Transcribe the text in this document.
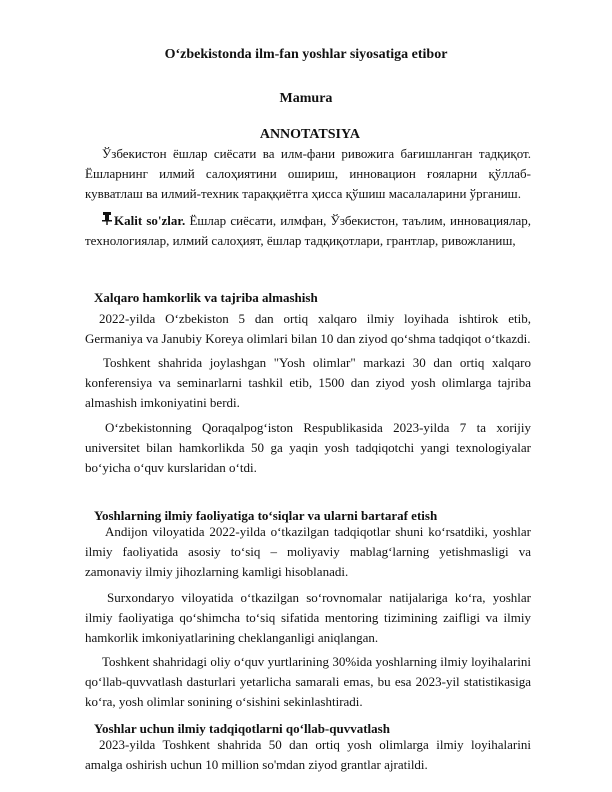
O‘zbekistonda ilm-fan yoshlar siyosatiga etibor
Mamura
ANNOTATSIYA
Ўзбекистон ёшлар сиёсати ва илм-фани ривожига бағишланган тадқиқот. Ёшларнинг илмий салоҳиятини ошириш, инновацион ғояларни қўллаб-кувватлаш ва илмий-техник тараққиётга ҳисса қўшиш масалаларини ўрганиш.
Kalit so'zlar. Ёшлар сиёсати, илмфан, Ўзбекистон, таълим, инновациялар, технологиялар, илмий салоҳият, ёшлар тадқиқотлари, грантлар, ривожланиш,
Xalqaro hamkorlik va tajriba almashish
2022-yilda O‘zbekiston 5 dan ortiq xalqaro ilmiy loyihada ishtirok etib, Germaniya va Janubiy Koreya olimlari bilan 10 dan ziyod qo‘shma tadqiqot o‘tkazdi.
Toshkent shahrida joylashgan "Yosh olimlar" markazi 30 dan ortiq xalqaro konferensiya va seminarlarni tashkil etib, 1500 dan ziyod yosh olimlarga tajriba almashish imkoniyatini berdi.
O‘zbekistonning Qoraqalpog‘iston Respublikasida 2023-yilda 7 ta xorijiy universitet bilan hamkorlikda 50 ga yaqin yosh tadqiqotchi yangi texnologiyalar bo‘yicha o‘quv kurslaridan o‘tdi.
Yoshlarning ilmiy faoliyatiga to‘siqlar va ularni bartaraf etish
Andijon viloyatida 2022-yilda o‘tkazilgan tadqiqotlar shuni ko‘rsatdiki, yoshlar ilmiy faoliyatida asosiy to‘siq – moliyaviy mablag‘larning yetishmasligi va zamonaviy ilmiy jihozlarning kamligi hisoblanadi.
Surxondaryo viloyatida o‘tkazilgan so‘rovnomalar natijalariga ko‘ra, yoshlar ilmiy faoliyatiga qo‘shimcha to‘siq sifatida mentoring tizimining zaifligi va ilmiy hamkorlik imkoniyatlarining cheklanganligi aniqlangan.
Toshkent shahridagi oliy o‘quv yurtlarining 30%ida yoshlarning ilmiy loyihalarini qo‘llab-quvvatlash dasturlari yetarlicha samarali emas, bu esa 2023-yil statistikasiga ko‘ra, yosh olimlar sonining o‘sishini sekinlashtiradi.
Yoshlar uchun ilmiy tadqiqotlarni qo‘llab-quvvatlash
2023-yilda Toshkent shahrida 50 dan ortiq yosh olimlarga ilmiy loyihalarini amalga oshirish uchun 10 million so'mdan ziyod grantlar ajratildi.
